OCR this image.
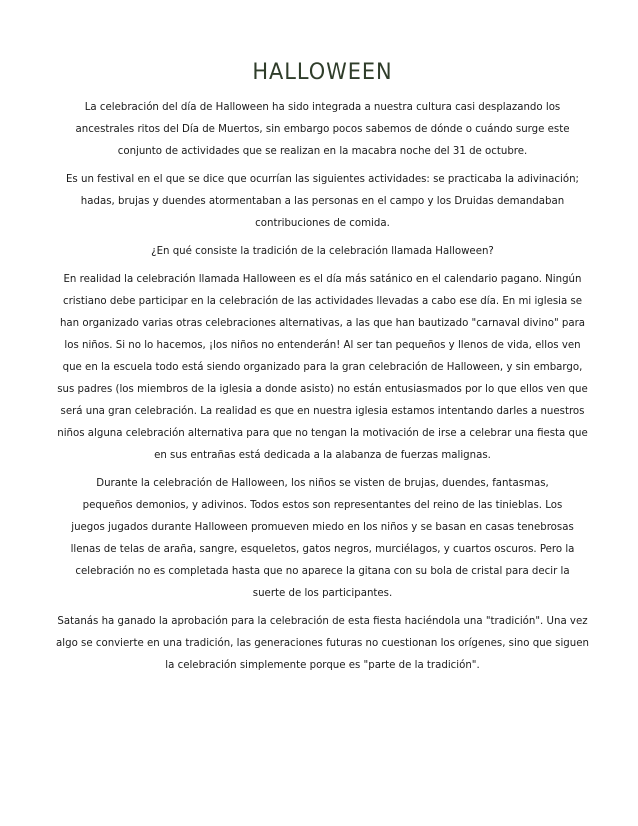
HALLOWEEN

La celebración del día de Halloween ha sido integrada a nuestra cultura casi desplazando los ancestrales ritos del Día de Muertos, sin embargo pocos sabemos de dónde o cuándo surge este conjunto de actividades que se realizan en la macabra noche del 31 de octubre.

Es un festival en el que se dice que ocurrían las siguientes actividades: se practicaba la adivinación; hadas, brujas y duendes atormentaban a las personas en el campo y los Druidas demandaban contribuciones de comida.

¿En qué consiste la tradición de la celebración llamada Halloween?

En realidad la celebración llamada Halloween es el día más satánico en el calendario pagano. Ningún cristiano debe participar en la celebración de las actividades llevadas a cabo ese día. En mi iglesia se han organizado varias otras celebraciones alternativas, a las que han bautizado "carnaval divino" para los niños. Si no lo hacemos, ¡los niños no entenderán! Al ser tan pequeños y llenos de vida, ellos ven que en la escuela todo está siendo organizado para la gran celebración de Halloween, y sin embargo, sus padres (los miembros de la iglesia a donde asisto) no están entusiasmados por lo que ellos ven que será una gran celebración. La realidad es que en nuestra iglesia estamos intentando darles a nuestros niños alguna celebración alternativa para que no tengan la motivación de irse a celebrar una fiesta que en sus entrañas está dedicada a la alabanza de fuerzas malignas.

Durante la celebración de Halloween, los niños se visten de brujas, duendes, fantasmas, pequeños demonios, y adivinos. Todos estos son representantes del reino de las tinieblas. Los juegos jugados durante Halloween promueven miedo en los niños y se basan en casas tenebrosas llenas de telas de araña, sangre, esqueletos, gatos negros, murciélagos, y cuartos oscuros. Pero la celebración no es completada hasta que no aparece la gitana con su bola de cristal para decir la suerte de los participantes.

Satanás ha ganado la aprobación para la celebración de esta fiesta haciéndola una "tradición". Una vez algo se convierte en una tradición, las generaciones futuras no cuestionan los orígenes, sino que siguen la celebración simplemente porque es "parte de la tradición".
